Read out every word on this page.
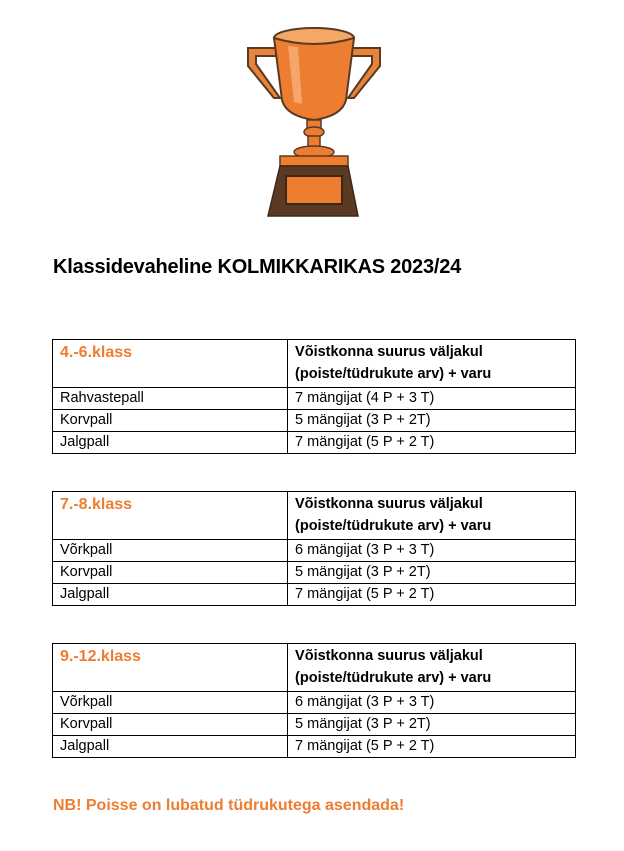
Klassidevaheline KOLMIKKARIKAS 2023/24
4.-6.klass	Võistkonna suurus väljakul
(poiste/tüdrukute arv) + varu
Rahvastepall	7 mängijat (4 P + 3 T)
Korvpall	5 mängijat (3 P + 2T)
Jalgpall	7 mängijat (5 P + 2 T)
7.-8.klass	Võistkonna suurus väljakul
(poiste/tüdrukute arv) + varu
Võrkpall	6 mängijat (3 P + 3 T)
Korvpall	5 mängijat (3 P + 2T)
Jalgpall	7 mängijat (5 P + 2 T)
9.-12.klass	Võistkonna suurus väljakul
(poiste/tüdrukute arv) + varu
Võrkpall	6 mängijat (3 P + 3 T)
Korvpall	5 mängijat (3 P + 2T)
Jalgpall	7 mängijat (5 P + 2 T)
NB! Poisse on lubatud tüdrukutega asendada!
